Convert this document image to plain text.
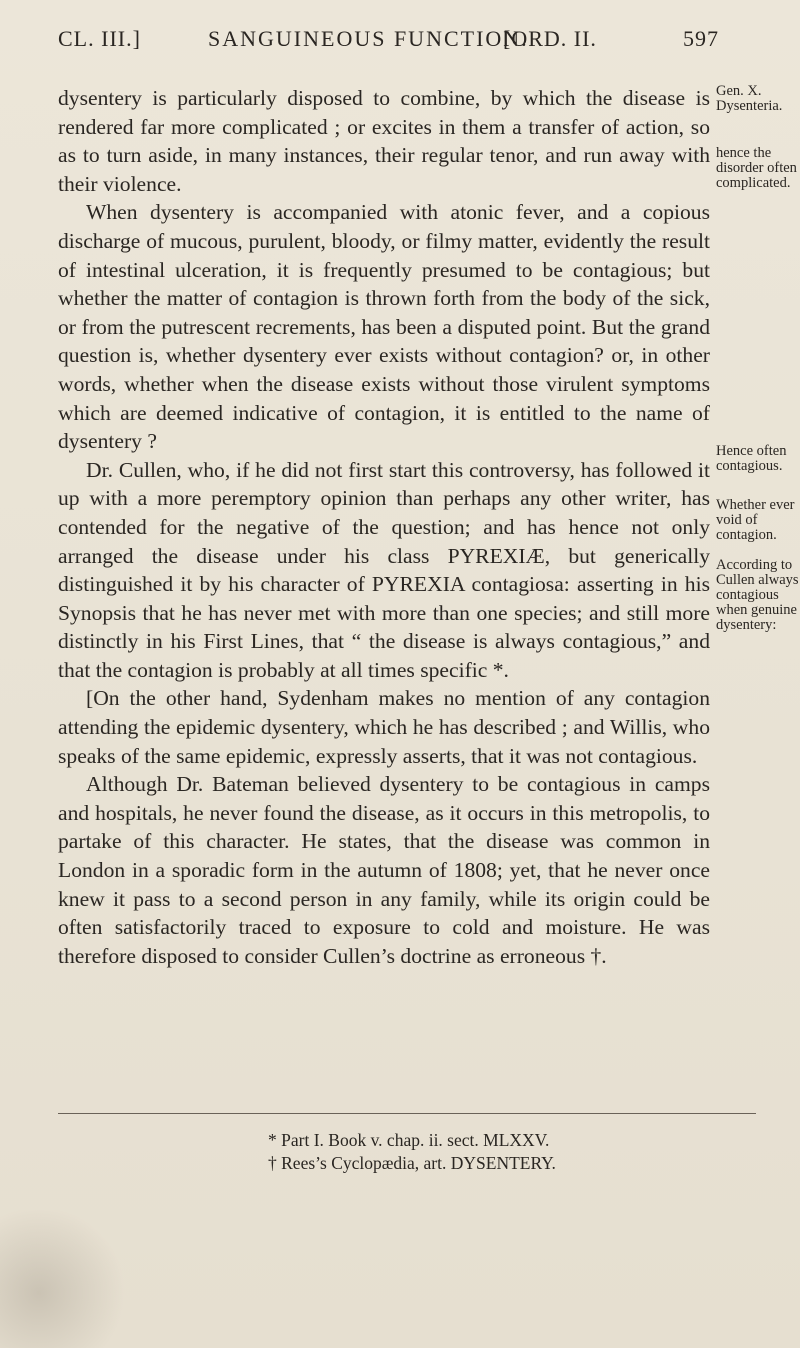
CL. III.]	SANGUINEOUS FUNCTION.
[ORD. II.	597

dysentery is particularly disposed to combine, by which the disease is rendered far more complicated ; or excites in them a transfer of action, so as to turn aside, in many instances, their regular tenor, and run away with their violence.

When dysentery is accompanied with atonic fever, and a copious discharge of mucous, purulent, bloody, or filmy matter, evidently the result of intestinal ulceration, it is frequently presumed to be contagious; but whether the matter of contagion is thrown forth from the body of the sick, or from the putrescent recrements, has been a disputed point. But the grand question is, whether dysentery ever exists without contagion? or, in other words, whether when the disease exists without those virulent symptoms which are deemed indicative of contagion, it is entitled to the name of dysentery ?

Dr. Cullen, who, if he did not first start this controversy, has followed it up with a more peremptory opinion than perhaps any other writer, has contended for the negative of the question; and has hence not only arranged the disease under his class PYREXIÆ, but generically distinguished it by his character of PYREXIA contagiosa: asserting in his Synopsis that he has never met with more than one species; and still more distinctly in his First Lines, that “ the disease is always contagious,” and that the contagion is probably at all times specific *.

[On the other hand, Sydenham makes no mention of any contagion attending the epidemic dysentery, which he has described ; and Willis, who speaks of the same epidemic, expressly asserts, that it was not contagious.

Although Dr. Bateman believed dysentery to be contagious in camps and hospitals, he never found the disease, as it occurs in this metropolis, to partake of this character. He states, that the disease was common in London in a sporadic form in the autumn of 1808; yet, that he never once knew it pass to a second person in any family, while its origin could be often satisfactorily traced to exposure to cold and moisture. He was therefore disposed to consider Cullen’s doctrine as erroneous †.

Gen. X. Dysenteria.
hence the disorder often complicated.
Hence often contagious.
Whether ever void of contagion.
According to Cullen always contagious when genuine dysentery:
* Part I. Book v. chap. ii. sect. MLXXV.
† Rees’s Cyclopædia, art. DYSENTERY.
